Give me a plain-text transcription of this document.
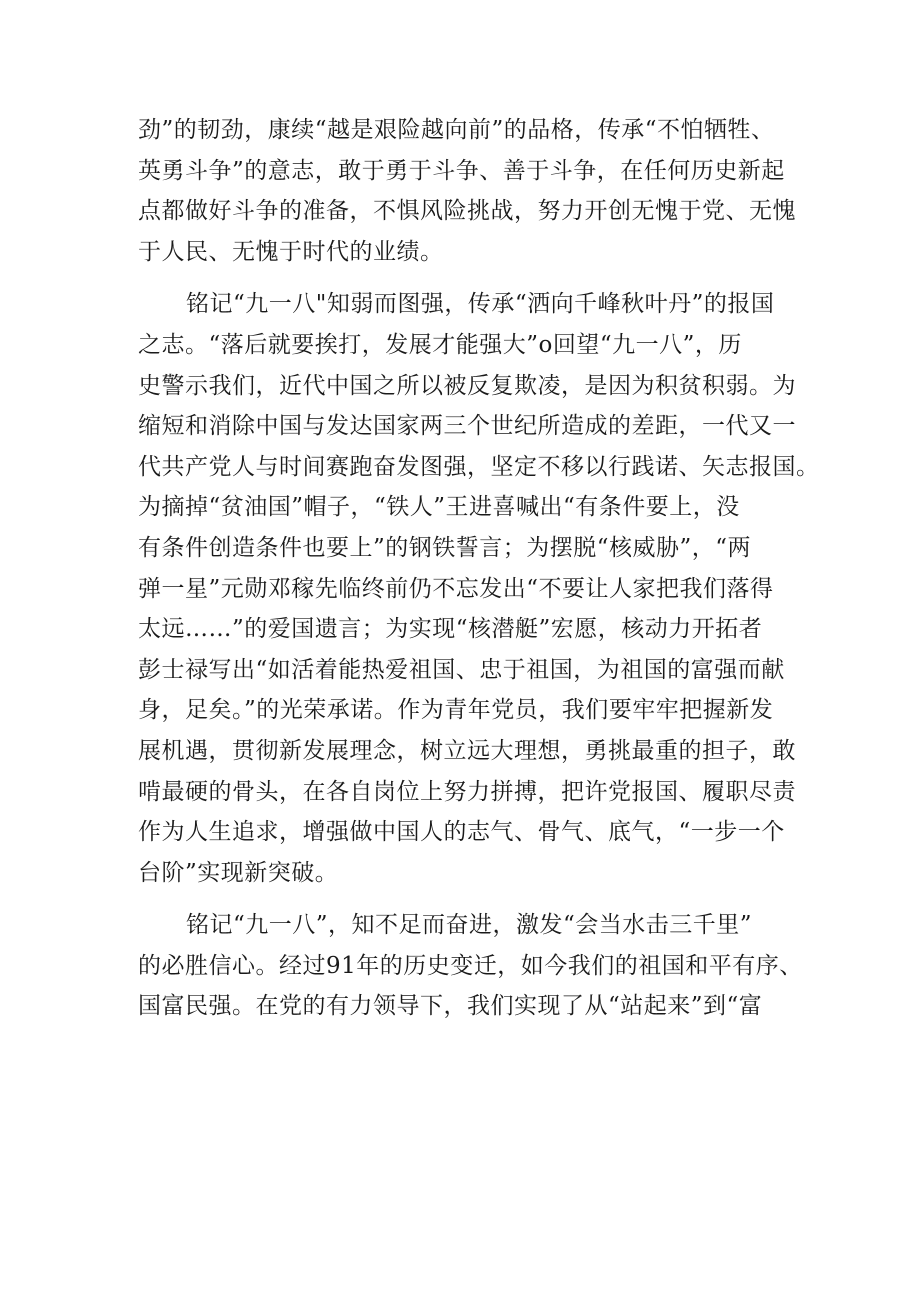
劲”的韧劲，康续“越是艰险越向前”的品格，传承“不怕牺牲、
英勇斗争”的意志，敢于勇于斗争、善于斗争，在任何历史新起
点都做好斗争的准备，不惧风险挑战，努力开创无愧于党、无愧
于人民、无愧于时代的业绩。
铭记“九一八"知弱而图强，传承“洒向千峰秋叶丹”的报国
之志。“落后就要挨打，发展才能强大”o回望“九一八”，历
史警示我们，近代中国之所以被反复欺凌，是因为积贫积弱。为
缩短和消除中国与发达国家两三个世纪所造成的差距，一代又一
代共产党人与时间赛跑奋发图强，坚定不移以行践诺、矢志报国。
为摘掉“贫油国”帽子，“铁人”王进喜喊出“有条件要上，没
有条件创造条件也要上”的钢铁誓言；为摆脱“核威胁”，“两
弹一星”元勋邓稼先临终前仍不忘发出“不要让人家把我们落得
太远……”的爱国遗言；为实现“核潜艇”宏愿，核动力开拓者
彭士禄写出“如活着能热爱祖国、忠于祖国，为祖国的富强而献
身，足矣。”的光荣承诺。作为青年党员，我们要牢牢把握新发
展机遇，贯彻新发展理念，树立远大理想，勇挑最重的担子，敢
啃最硬的骨头，在各自岗位上努力拼搏，把许党报国、履职尽责
作为人生追求，增强做中国人的志气、骨气、底气，“一步一个
台阶”实现新突破。
铭记“九一八”，知不足而奋进，激发“会当水击三千里”
的必胜信心。经过91年的历史变迁，如今我们的祖国和平有序、
国富民强。在党的有力领导下，我们实现了从“站起来”到“富
